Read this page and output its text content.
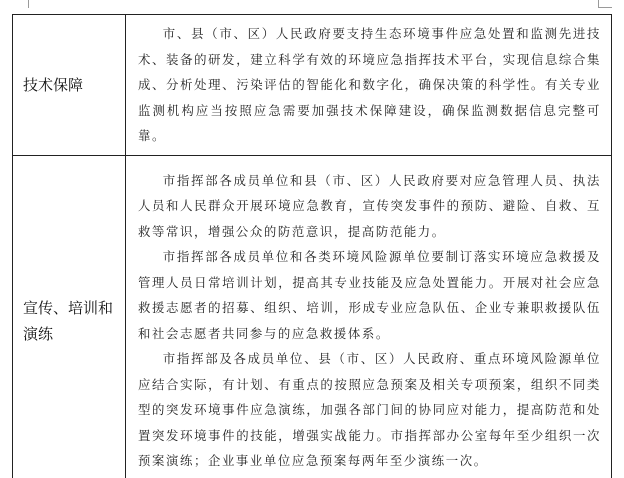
技术保障	市、县（市、区）人民政府要支持生态环境事件应急处置和监测先进技术、装备的研发，建立科学有效的环境应急指挥技术平台，实现信息综合集成、分析处理、污染评估的智能化和数字化，确保决策的科学性。有关专业监测机构应当按照应急需要加强技术保障建设，确保监测数据信息完整可靠。

宣传、培训和演练	市指挥部各成员单位和县（市、区）人民政府要对应急管理人员、执法人员和人民群众开展环境应急教育，宣传突发事件的预防、避险、自救、互救等常识，增强公众的防范意识，提高防范能力。

市指挥部各成员单位和各类环境风险源单位要制订落实环境应急救援及管理人员日常培训计划，提高其专业技能及应急处置能力。开展对社会应急救援志愿者的招募、组织、培训，形成专业应急队伍、企业专兼职救援队伍和社会志愿者共同参与的应急救援体系。

市指挥部及各成员单位、县（市、区）人民政府、重点环境风险源单位应结合实际，有计划、有重点的按照应急预案及相关专项预案，组织不同类型的突发环境事件应急演练，加强各部门间的协同应对能力，提高防范和处置突发环境事件的技能，增强实战能力。市指挥部办公室每年至少组织一次预案演练；企业事业单位应急预案每两年至少演练一次。
